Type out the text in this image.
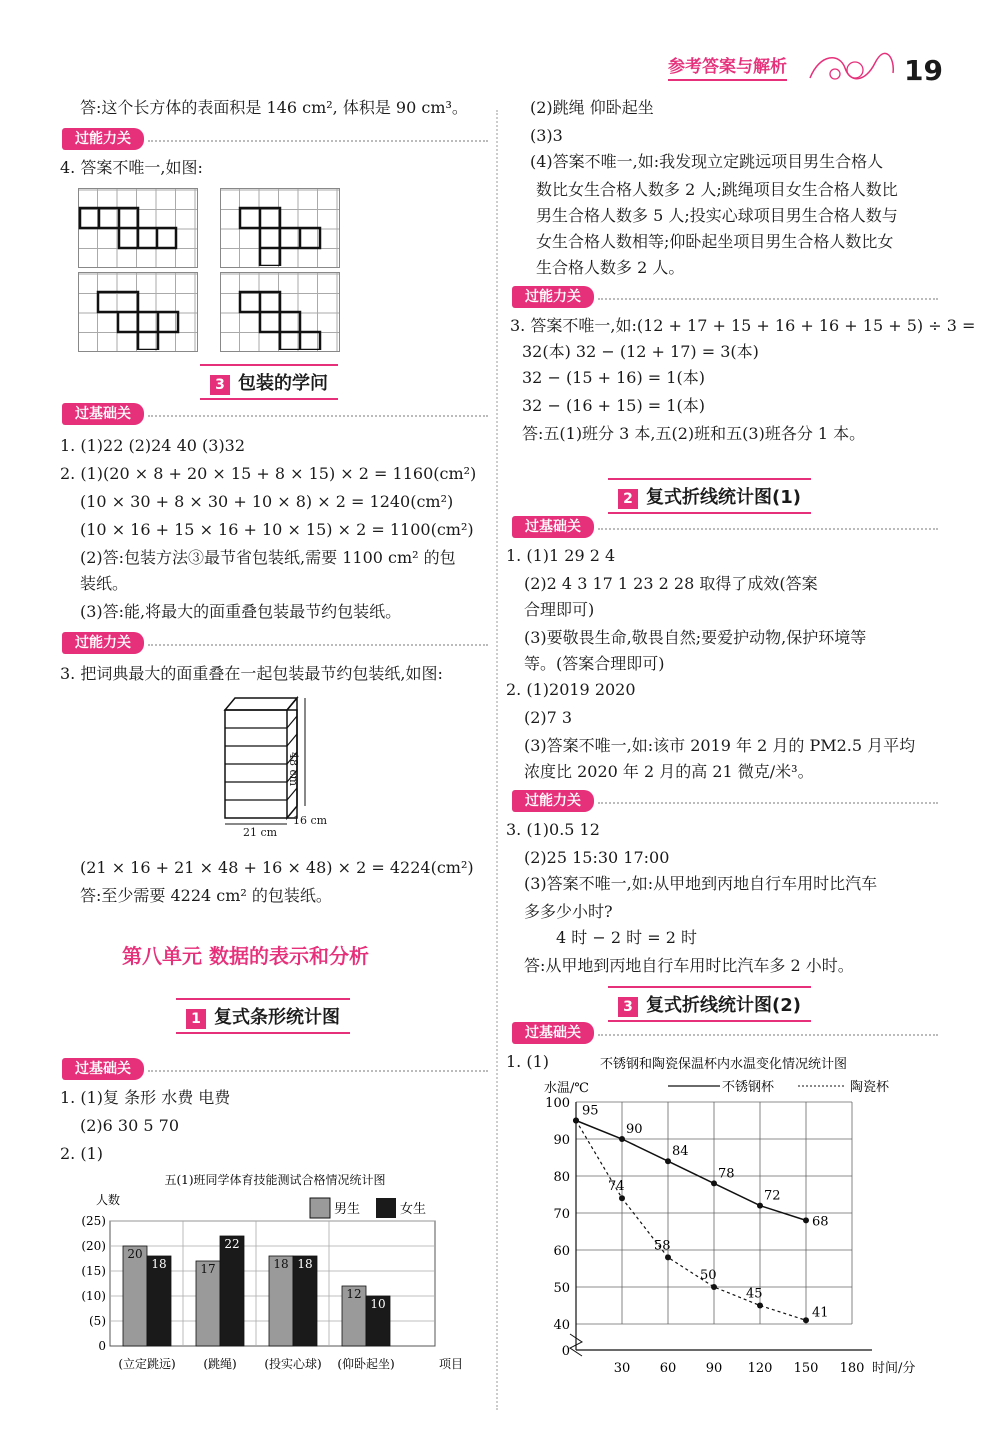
参考答案与解析	19
答:这个长方体的表面积是 146 cm², 体积是 90 cm³。
过能力关
4. 答案不唯一,如图:
3 包装的学问
过基础关
1. (1)22 (2)24 40 (3)32
2. (1)(20 × 8 + 20 × 15 + 8 × 15) × 2 = 1160(cm²)
(10 × 30 + 8 × 30 + 10 × 8) × 2 = 1240(cm²)
(10 × 16 + 15 × 16 + 10 × 15) × 2 = 1100(cm²)
(2)答:包装方法③最节省包装纸,需要 1100 cm² 的包
装纸。
(3)答:能,将最大的面重叠包装最节约包装纸。
过能力关
3. 把词典最大的面重叠在一起包装最节约包装纸,如图:
48 cm
21 cm
16 cm
(21 × 16 + 21 × 48 + 16 × 48) × 2 = 4224(cm²)
答:至少需要 4224 cm² 的包装纸。
第八单元 数据的表示和分析
1 复式条形统计图
过基础关
1. (1)复 条形 水费 电费
(2)6 30 5 70
2. (1)
五(1)班同学体育技能测试合格情况统计图
人数
男生	女生
(5)
(10)
(15)
(20)
(25)
0
20
18
(立定跳远)
17
22
(跳绳)
18 18
(投实心球)
12
10
(仰卧起坐)	项目
(2)跳绳 仰卧起坐
(3)3
(4)答案不唯一,如:我发现立定跳远项目男生合格人
数比女生合格人数多 2 人;跳绳项目女生合格人数比
男生合格人数多 5 人;投实心球项目男生合格人数与
女生合格人数相等;仰卧起坐项目男生合格人数比女
生合格人数多 2 人。
过能力关
3. 答案不唯一,如:(12 + 17 + 15 + 16 + 16 + 15 + 5) ÷ 3 =
32(本) 32 − (12 + 17) = 3(本)
32 − (15 + 16) = 1(本)
32 − (16 + 15) = 1(本)
答:五(1)班分 3 本,五(2)班和五(3)班各分 1 本。
2 复式折线统计图(1)
过基础关
1. (1)1 29 2 4
(2)2 4 3 17 1 23 2 28 取得了成效(答案
合理即可)
(3)要敬畏生命,敬畏自然;要爱护动物,保护环境等
等。(答案合理即可)
2. (1)2019 2020
(2)7 3
(3)答案不唯一,如:该市 2019 年 2 月的 PM2.5 月平均
浓度比 2020 年 2 月的高 21 微克/米³。
过能力关
3. (1)0.5 12
(2)25 15:30 17:00
(3)答案不唯一,如:从甲地到丙地自行车用时比汽车
多多少小时?
4 时 − 2 时 = 2 时
答:从甲地到丙地自行车用时比汽车多 2 小时。
3 复式折线统计图(2)
过基础关
1. (1)	不锈钢和陶瓷保温杯内水温变化情况统计图
水温/℃	不锈钢杯	陶瓷杯
0
40
50
60
70
80
90
100
30 60 90 120 150 180 时间/分
95
90
84
78
72
68
74
58
50
45
41
